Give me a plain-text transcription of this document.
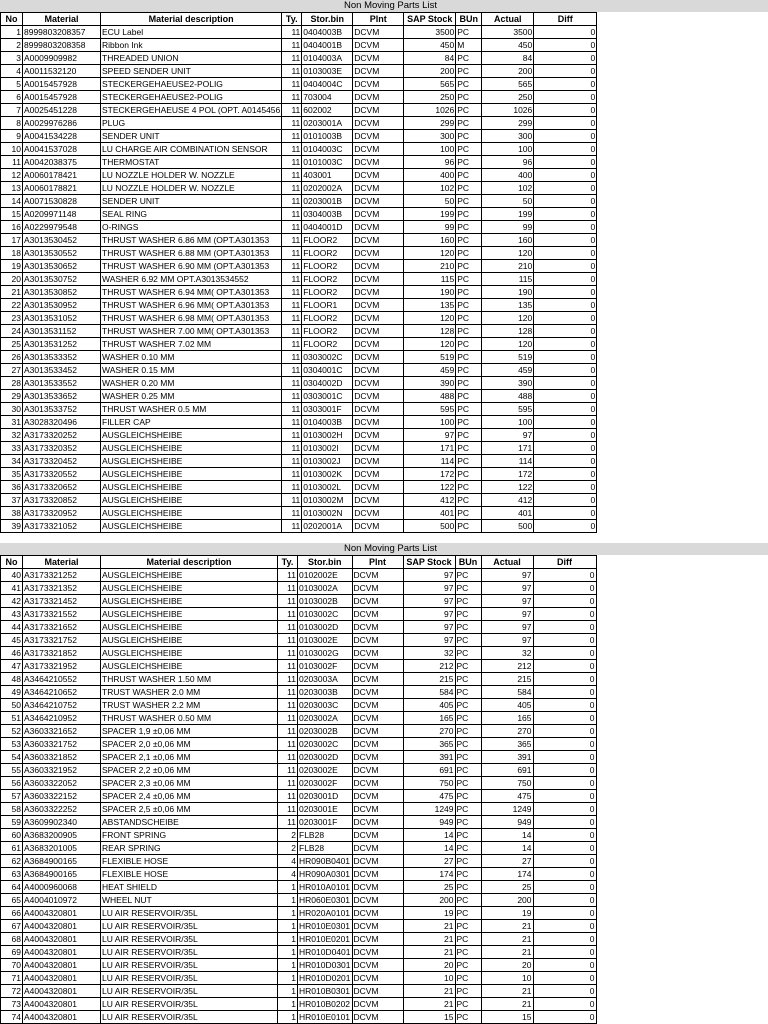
Non Moving Parts List
No	Material	Material description	Ty.	Stor.bin	Plnt	SAP Stock	BUn	Actual	Diff
1	8999803208357	ECU Label	11	0404003B	DCVM	3500	PC	3500	0
2	8999803208358	Ribbon Ink	11	0404001B	DCVM	450	M	450	0
3	A0009909982	THREADED UNION	11	0104003A	DCVM	84	PC	84	0
4	A0011532120	SPEED SENDER UNIT	11	0103003E	DCVM	200	PC	200	0
5	A0015457928	STECKERGEHAEUSE2-POLIG	11	0404004C	DCVM	565	PC	565	0
6	A0015457928	STECKERGEHAEUSE2-POLIG	11	703004	DCVM	250	PC	250	0
7	A0025451228	STECKERGEHAEUSE 4 POL (OPT. A0145456	11	602002	DCVM	1026	PC	1026	0
8	A0029976286	PLUG	11	0203001A	DCVM	299	PC	299	0
9	A0041534228	SENDER UNIT	11	0101003B	DCVM	300	PC	300	0
10	A0041537028	LU CHARGE AIR COMBINATION SENSOR	11	0104003C	DCVM	100	PC	100	0
11	A0042038375	THERMOSTAT	11	0101003C	DCVM	96	PC	96	0
12	A0060178421	LU NOZZLE HOLDER W. NOZZLE	11	403001	DCVM	400	PC	400	0
13	A0060178821	LU NOZZLE HOLDER W. NOZZLE	11	0202002A	DCVM	102	PC	102	0
14	A0071530828	SENDER UNIT	11	0203001B	DCVM	50	PC	50	0
15	A0209971148	SEAL RING	11	0304003B	DCVM	199	PC	199	0
16	A0229979548	O-RINGS	11	0404001D	DCVM	99	PC	99	0
17	A3013530452	THRUST WASHER 6.86 MM (OPT.A301353	11	FLOOR2	DCVM	160	PC	160	0
18	A3013530552	THRUST WASHER 6.88 MM (OPT.A301353	11	FLOOR2	DCVM	120	PC	120	0
19	A3013530652	THRUST WASHER 6.90 MM (OPT.A301353	11	FLOOR2	DCVM	210	PC	210	0
20	A3013530752	WASHER 6.92 MM OPT.A3013534552	11	FLOOR2	DCVM	115	PC	115	0
21	A3013530852	THRUST WASHER 6.94 MM( OPT.A301353	11	FLOOR2	DCVM	190	PC	190	0
22	A3013530952	THRUST WASHER 6.96 MM( OPT.A301353	11	FLOOR1	DCVM	135	PC	135	0
23	A3013531052	THRUST WASHER 6.98 MM( OPT.A301353	11	FLOOR2	DCVM	120	PC	120	0
24	A3013531152	THRUST WASHER 7.00 MM( OPT.A301353	11	FLOOR2	DCVM	128	PC	128	0
25	A3013531252	THRUST WASHER 7.02 MM	11	FLOOR2	DCVM	120	PC	120	0
26	A3013533352	WASHER 0.10 MM	11	0303002C	DCVM	519	PC	519	0
27	A3013533452	WASHER 0.15 MM	11	0304001C	DCVM	459	PC	459	0
28	A3013533552	WASHER 0.20 MM	11	0304002D	DCVM	390	PC	390	0
29	A3013533652	WASHER 0.25 MM	11	0303001C	DCVM	488	PC	488	0
30	A3013533752	THRUST WASHER 0.5 MM	11	0303001F	DCVM	595	PC	595	0
31	A3028320496	FILLER CAP	11	0104003B	DCVM	100	PC	100	0
32	A3173320252	AUSGLEICHSHEIBE	11	0103002H	DCVM	97	PC	97	0
33	A3173320352	AUSGLEICHSHEIBE	11	0103002I	DCVM	171	PC	171	0
34	A3173320452	AUSGLEICHSHEIBE	11	0103002J	DCVM	114	PC	114	0
35	A3173320552	AUSGLEICHSHEIBE	11	0103002K	DCVM	172	PC	172	0
36	A3173320652	AUSGLEICHSHEIBE	11	0103002L	DCVM	122	PC	122	0
37	A3173320852	AUSGLEICHSHEIBE	11	0103002M	DCVM	412	PC	412	0
38	A3173320952	AUSGLEICHSHEIBE	11	0103002N	DCVM	401	PC	401	0
39	A3173321052	AUSGLEICHSHEIBE	11	0202001A	DCVM	500	PC	500	0
Non Moving Parts List
No	Material	Material description	Ty.	Stor.bin	Plnt	SAP Stock	BUn	Actual	Diff
40	A3173321252	AUSGLEICHSHEIBE	11	0102002E	DCVM	97	PC	97	0
41	A3173321352	AUSGLEICHSHEIBE	11	0103002A	DCVM	97	PC	97	0
42	A3173321452	AUSGLEICHSHEIBE	11	0103002B	DCVM	97	PC	97	0
43	A3173321552	AUSGLEICHSHEIBE	11	0103002C	DCVM	97	PC	97	0
44	A3173321652	AUSGLEICHSHEIBE	11	0103002D	DCVM	97	PC	97	0
45	A3173321752	AUSGLEICHSHEIBE	11	0103002E	DCVM	97	PC	97	0
46	A3173321852	AUSGLEICHSHEIBE	11	0103002G	DCVM	32	PC	32	0
47	A3173321952	AUSGLEICHSHEIBE	11	0103002F	DCVM	212	PC	212	0
48	A3464210552	THRUST WASHER 1.50 MM	11	0203003A	DCVM	215	PC	215	0
49	A3464210652	TRUST WASHER 2.0 MM	11	0203003B	DCVM	584	PC	584	0
50	A3464210752	TRUST WASHER 2.2 MM	11	0203003C	DCVM	405	PC	405	0
51	A3464210952	THRUST WASHER 0.50 MM	11	0203002A	DCVM	165	PC	165	0
52	A3603321652	SPACER 1,9 ±0,06 MM	11	0203002B	DCVM	270	PC	270	0
53	A3603321752	SPACER 2,0 ±0,06 MM	11	0203002C	DCVM	365	PC	365	0
54	A3603321852	SPACER 2,1 ±0,06 MM	11	0203002D	DCVM	391	PC	391	0
55	A3603321952	SPACER 2,2 ±0,06 MM	11	0203002E	DCVM	691	PC	691	0
56	A3603322052	SPACER 2,3 ±0,06 MM	11	0203002F	DCVM	750	PC	750	0
57	A3603322152	SPACER 2,4 ±0,06 MM	11	0203001D	DCVM	475	PC	475	0
58	A3603322252	SPACER 2,5 ±0,06 MM	11	0203001E	DCVM	1249	PC	1249	0
59	A3609902340	ABSTANDSCHEIBE	11	0203001F	DCVM	949	PC	949	0
60	A3683200905	FRONT SPRING	2	FLB28	DCVM	14	PC	14	0
61	A3683201005	REAR SPRING	2	FLB28	DCVM	14	PC	14	0
62	A3684900165	FLEXIBLE HOSE	4	HR090B0401	DCVM	27	PC	27	0
63	A3684900165	FLEXIBLE HOSE	4	HR090A0301	DCVM	174	PC	174	0
64	A4000960068	HEAT SHIELD	1	HR010A0101	DCVM	25	PC	25	0
65	A4004010972	WHEEL NUT	1	HR060E0301	DCVM	200	PC	200	0
66	A4004320801	LU AIR RESERVOIR/35L	1	HR020A0101	DCVM	19	PC	19	0
67	A4004320801	LU AIR RESERVOIR/35L	1	HR010E0301	DCVM	21	PC	21	0
68	A4004320801	LU AIR RESERVOIR/35L	1	HR010E0201	DCVM	21	PC	21	0
69	A4004320801	LU AIR RESERVOIR/35L	1	HR010D0401	DCVM	21	PC	21	0
70	A4004320801	LU AIR RESERVOIR/35L	1	HR010D0301	DCVM	20	PC	20	0
71	A4004320801	LU AIR RESERVOIR/35L	1	HR010D0201	DCVM	10	PC	10	0
72	A4004320801	LU AIR RESERVOIR/35L	1	HR010B0301	DCVM	21	PC	21	0
73	A4004320801	LU AIR RESERVOIR/35L	1	HR010B0202	DCVM	21	PC	21	0
74	A4004320801	LU AIR RESERVOIR/35L	1	HR010E0101	DCVM	15	PC	15	0
